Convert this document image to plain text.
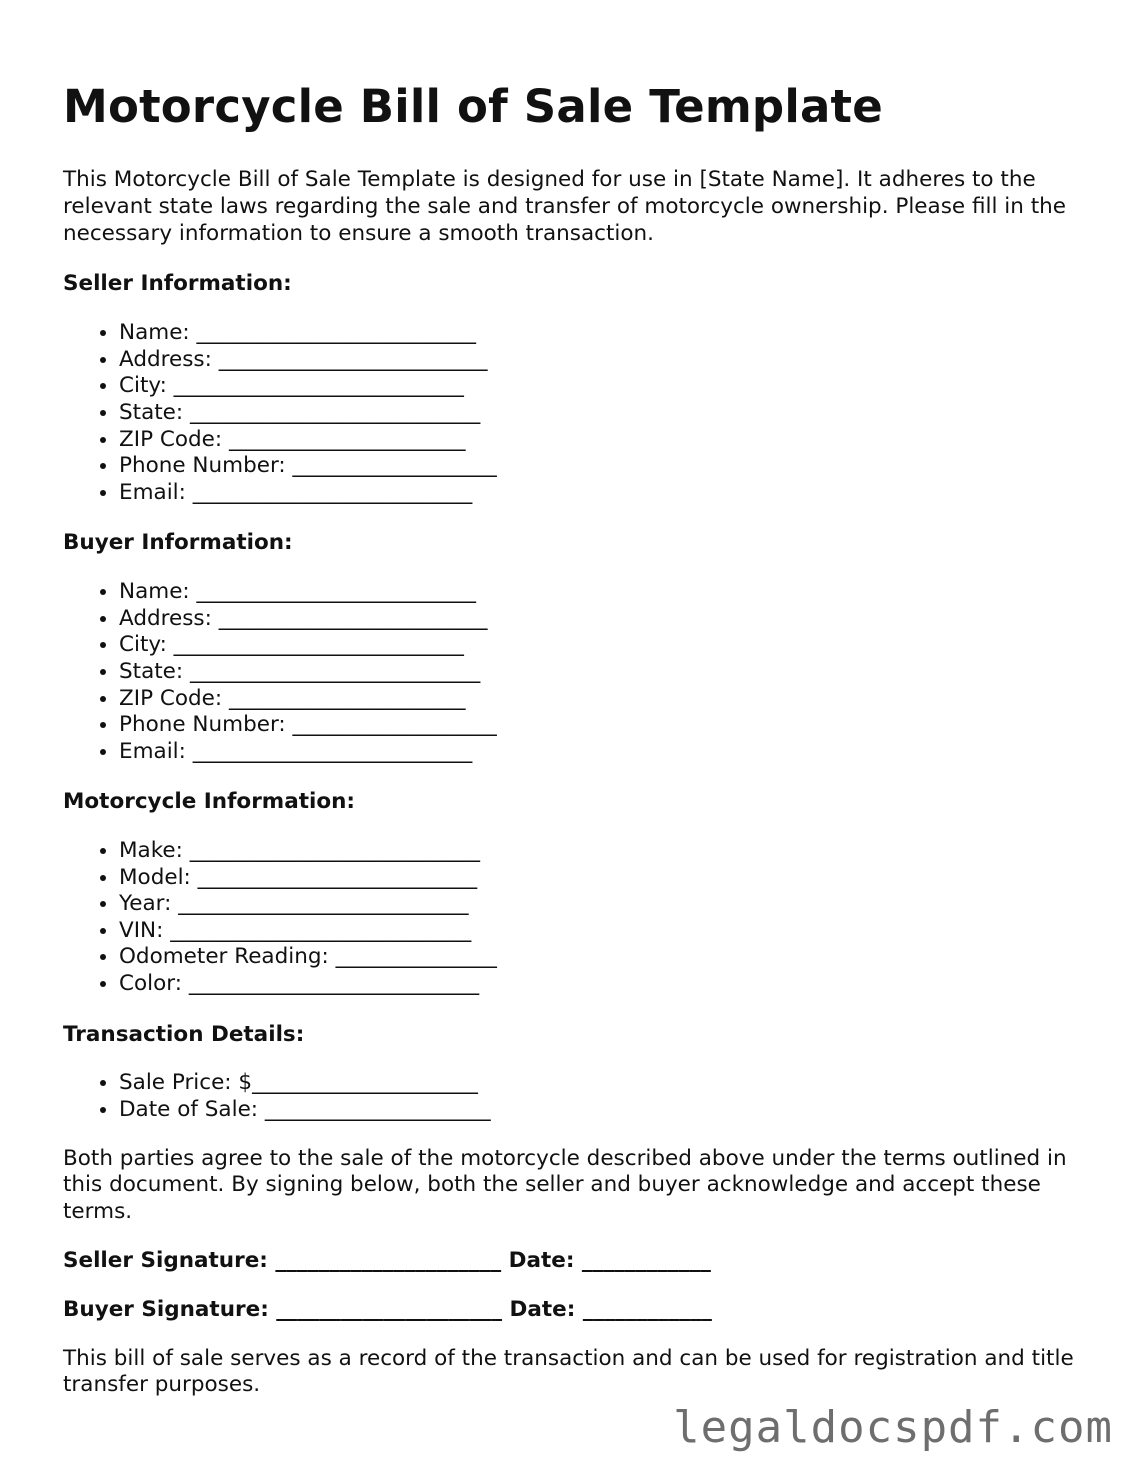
Motorcycle Bill of Sale Template

This Motorcycle Bill of Sale Template is designed for use in [State Name]. It adheres to the relevant state laws regarding the sale and transfer of motorcycle ownership. Please fill in the necessary information to ensure a smooth transaction.

Seller Information:
• Name: __________________________
• Address: _________________________
• City: ___________________________
• State: ___________________________
• ZIP Code: ______________________
• Phone Number: ___________________
• Email: __________________________
Buyer Information:
• Name: __________________________
• Address: _________________________
• City: ___________________________
• State: ___________________________
• ZIP Code: ______________________
• Phone Number: ___________________
• Email: __________________________
Motorcycle Information:
• Make: ___________________________
• Model: __________________________
• Year: ___________________________
• VIN: ____________________________
• Odometer Reading: _______________
• Color: ___________________________
Transaction Details:
• Sale Price: $_____________________
• Date of Sale: _____________________

Both parties agree to the sale of the motorcycle described above under the terms outlined in this document. By signing below, both the seller and buyer acknowledge and accept these terms.

Seller Signature: _____________________ Date: ____________
Buyer Signature: _____________________ Date: ____________

This bill of sale serves as a record of the transaction and can be used for registration and title transfer purposes.

legaldocspdf.com
